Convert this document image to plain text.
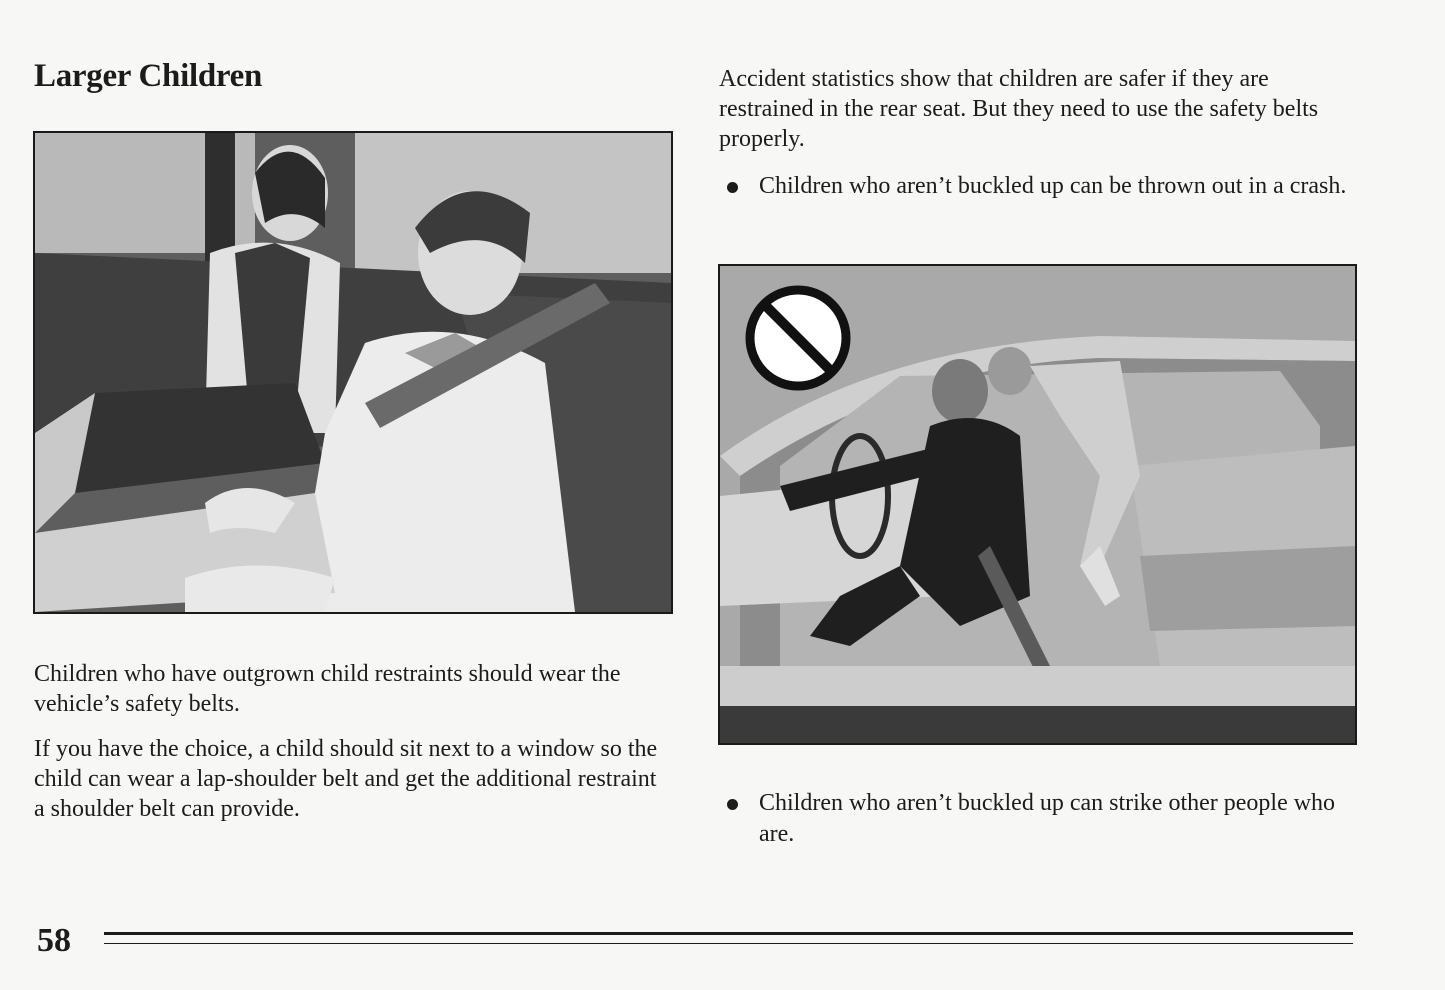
Larger Children

Children who have outgrown child restraints should wear the vehicle’s safety belts.

If you have the choice, a child should sit next to a window so the child can wear a lap-shoulder belt and get the additional restraint a shoulder belt can provide.

Accident statistics show that children are safer if they are restrained in the rear seat. But they need to use the safety belts properly.

Children who aren’t buckled up can be thrown out in a crash.
Children who aren’t buckled up can strike other people who are.

58
